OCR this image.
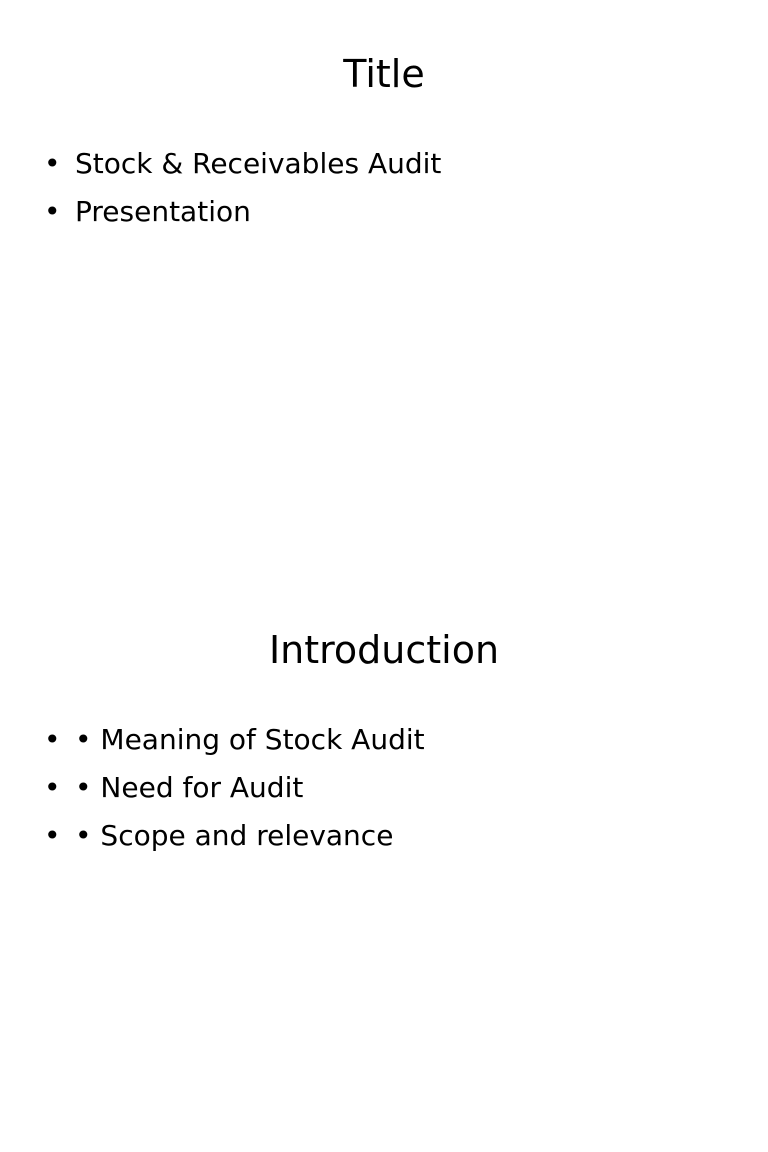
Title
• Stock & Receivables Audit
• Presentation
Introduction
• • Meaning of Stock Audit
• • Need for Audit
• • Scope and relevance
